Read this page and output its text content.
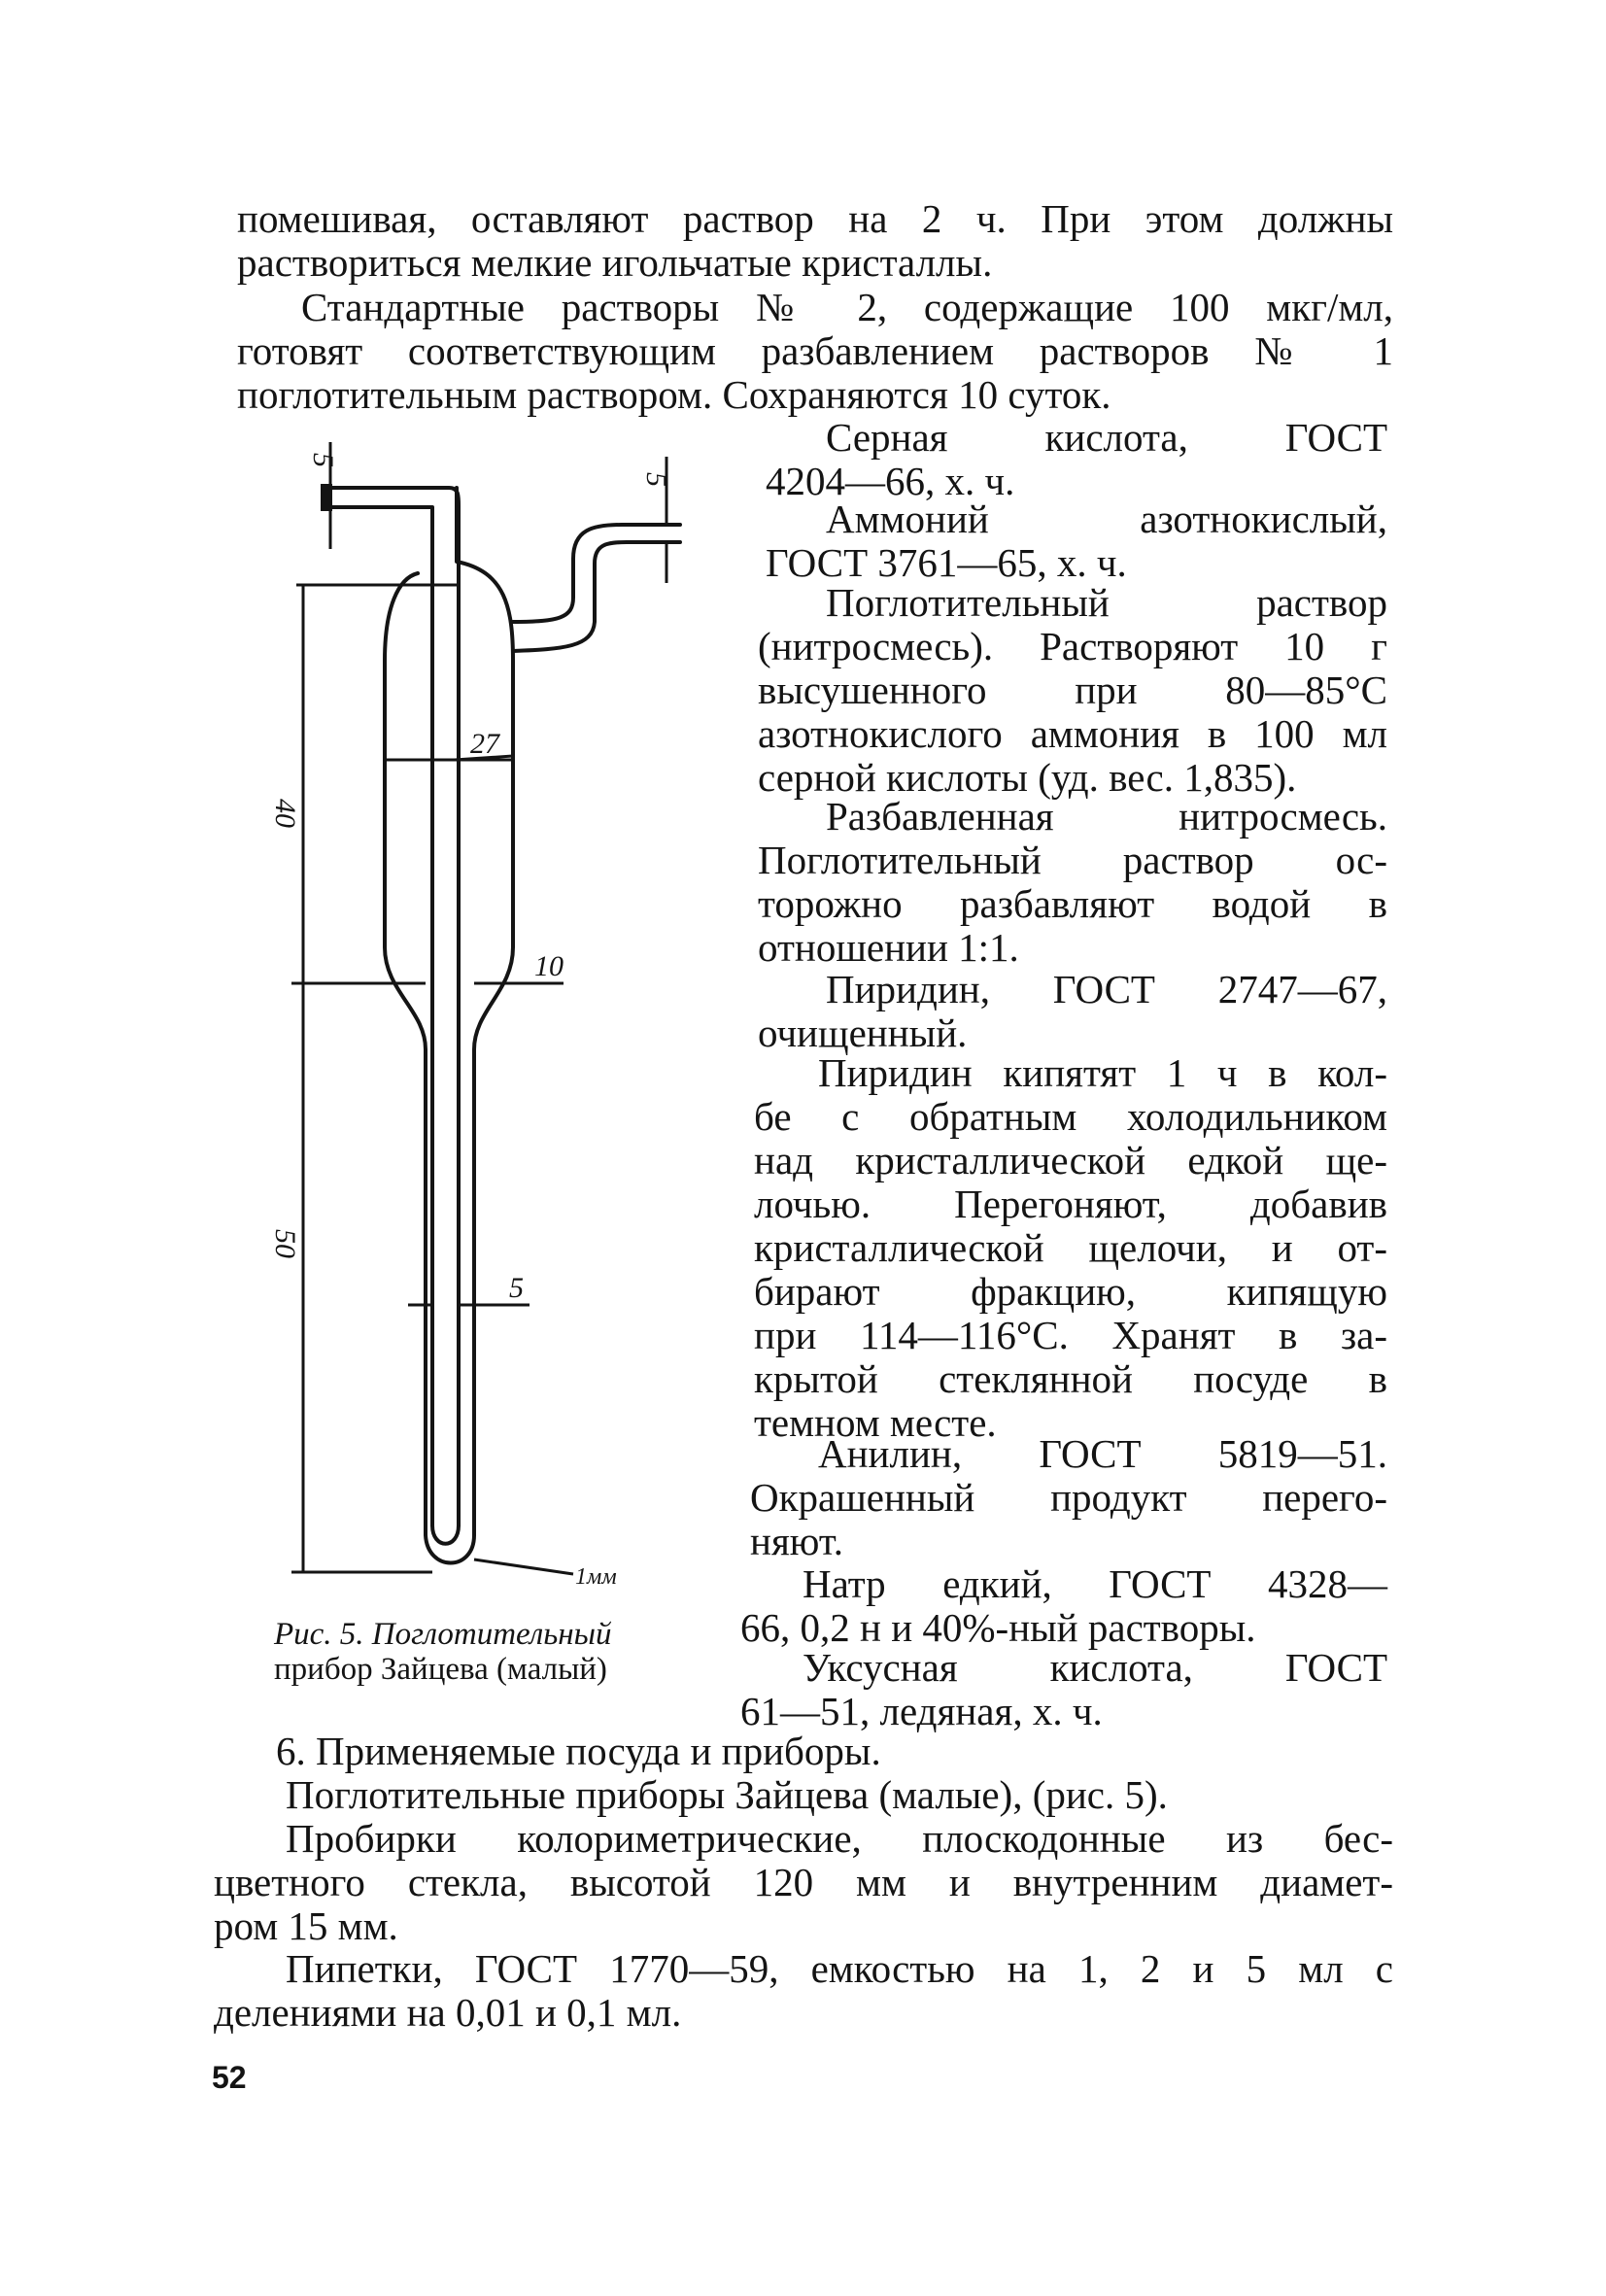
помешивая, оставляют раствор на 2 ч. При этом должны
раствориться мелкие игольчатые кристаллы.
Стандартные растворы № 2, содержащие 100 мкг/мл,
готовят соответствующим разбавлением растворов № 1
поглотительным раствором. Сохраняются 10 суток.
Серная кислота, ГОСТ
4204—66, х. ч.
Аммоний азотнокислый,
ГОСТ 3761—65, х. ч.
Поглотительный раствор
(нитросмесь). Растворяют 10 г
высушенного при 80—85°С
азотнокислого аммония в 100 мл
серной кислоты (уд. вес. 1,835).
Разбавленная нитросмесь.
Поглотительный раствор ос-
торожно разбавляют водой в
отношении 1:1.
Пиридин, ГОСТ 2747—67,
очищенный.
Пиридин кипятят 1 ч в кол-
бе с обратным холодильником
над кристаллической едкой ще-
лочью. Перегоняют, добавив
кристаллической щелочи, и от-
бирают фракцию, кипящую
при 114—116°С. Хранят в за-
крытой стеклянной посуде в
темном месте.
Анилин, ГОСТ 5819—51.
Окрашенный продукт перего-
няют.
Натр едкий, ГОСТ 4328—
66, 0,2 н и 40%-ный растворы.
Уксусная кислота, ГОСТ
61—51, ледяная, х. ч.
6. Применяемые посуда и приборы.
Поглотительные приборы Зайцева (малые), (рис. 5).
Пробирки колориметрические, плоскодонные из бес-
цветного стекла, высотой 120 мм и внутренним диамет-
ром 15 мм.
Пипетки, ГОСТ 1770—59, емкостью на 1, 2 и 5 мл с
делениями на 0,01 и 0,1 мл.
5
5
27
40
10
50
5
1мм
Рис. 5. Поглотительный
прибор Зайцева (малый)
52
